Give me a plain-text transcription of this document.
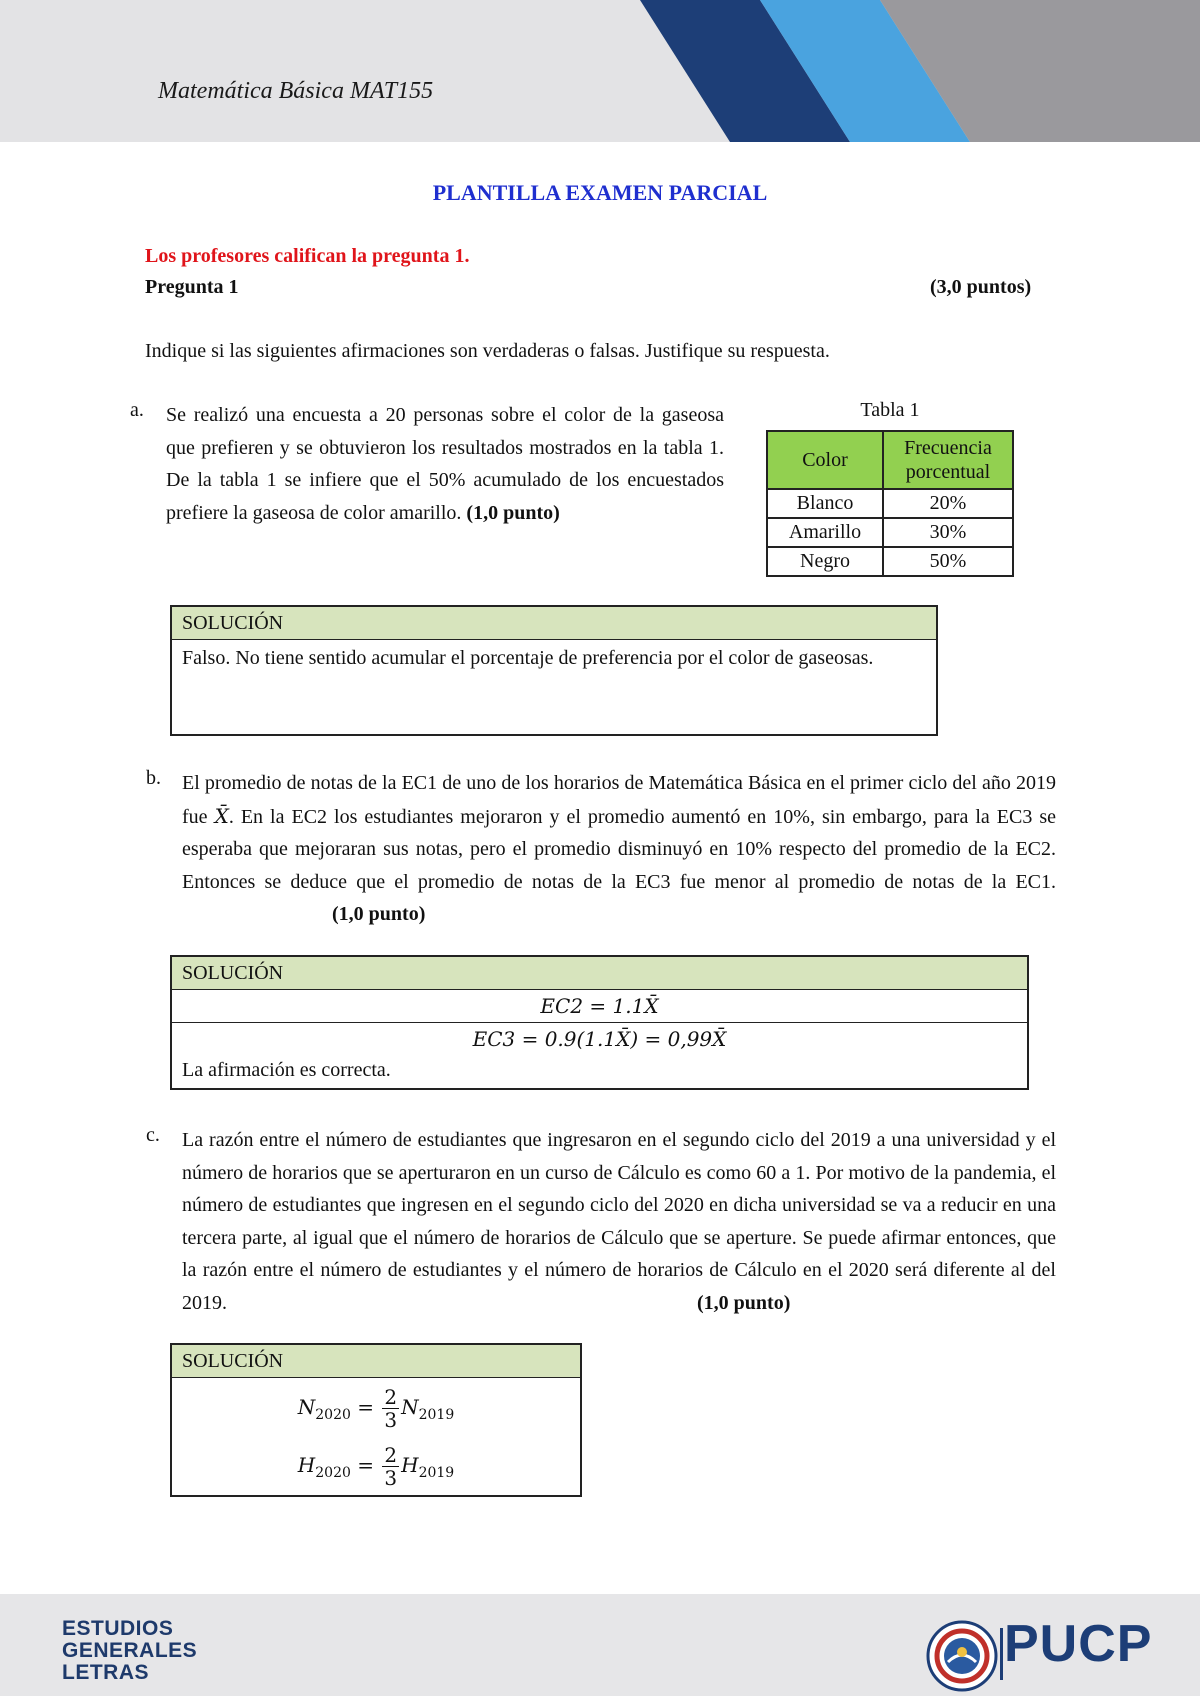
Matemática Básica MAT155
PLANTILLA EXAMEN PARCIAL
Los profesores califican la pregunta 1.
Pregunta 1	(3,0 puntos)
Indique si las siguientes afirmaciones son verdaderas o falsas. Justifique su respuesta.
a. Se realizó una encuesta a 20 personas sobre el color de la gaseosa que prefieren y se obtuvieron los resultados mostrados en la tabla 1. De la tabla 1 se infiere que el 50% acumulado de los encuestados prefiere la gaseosa de color amarillo. (1,0 punto)
Tabla 1
Color	Frecuencia porcentual
Blanco	20%
Amarillo	30%
Negro	50%
SOLUCIÓN
Falso. No tiene sentido acumular el porcentaje de preferencia por el color de gaseosas.
b. El promedio de notas de la EC1 de uno de los horarios de Matemática Básica en el primer ciclo del año 2019 fue X̄. En la EC2 los estudiantes mejoraron y el promedio aumentó en 10%, sin embargo, para la EC3 se esperaba que mejoraran sus notas, pero el promedio disminuyó en 10% respecto del promedio de la EC2. Entonces se deduce que el promedio de notas de la EC3 fue menor al promedio de notas de la EC1.(1,0 punto)
SOLUCIÓN
EC2 = 1.1X̄
EC3 = 0.9(1.1X̄) = 0,99X̄
La afirmación es correcta.
c. La razón entre el número de estudiantes que ingresaron en el segundo ciclo del 2019 a una universidad y el número de horarios que se aperturaron en un curso de Cálculo es como 60 a 1. Por motivo de la pandemia, el número de estudiantes que ingresen en el segundo ciclo del 2020 en dicha universidad se va a reducir en una tercera parte, al igual que el número de horarios de Cálculo que se aperture. Se puede afirmar entonces, que la razón entre el número de estudiantes y el número de horarios de Cálculo en el 2020 será diferente al del 2019.	(1,0 punto)
SOLUCIÓN
$N_{2020} = \frac{2}{3} N_{2019}$
$H_{2020} = \frac{2}{3} H_{2019}$
ESTUDIOS
GENERALES
LETRAS	PUCP
